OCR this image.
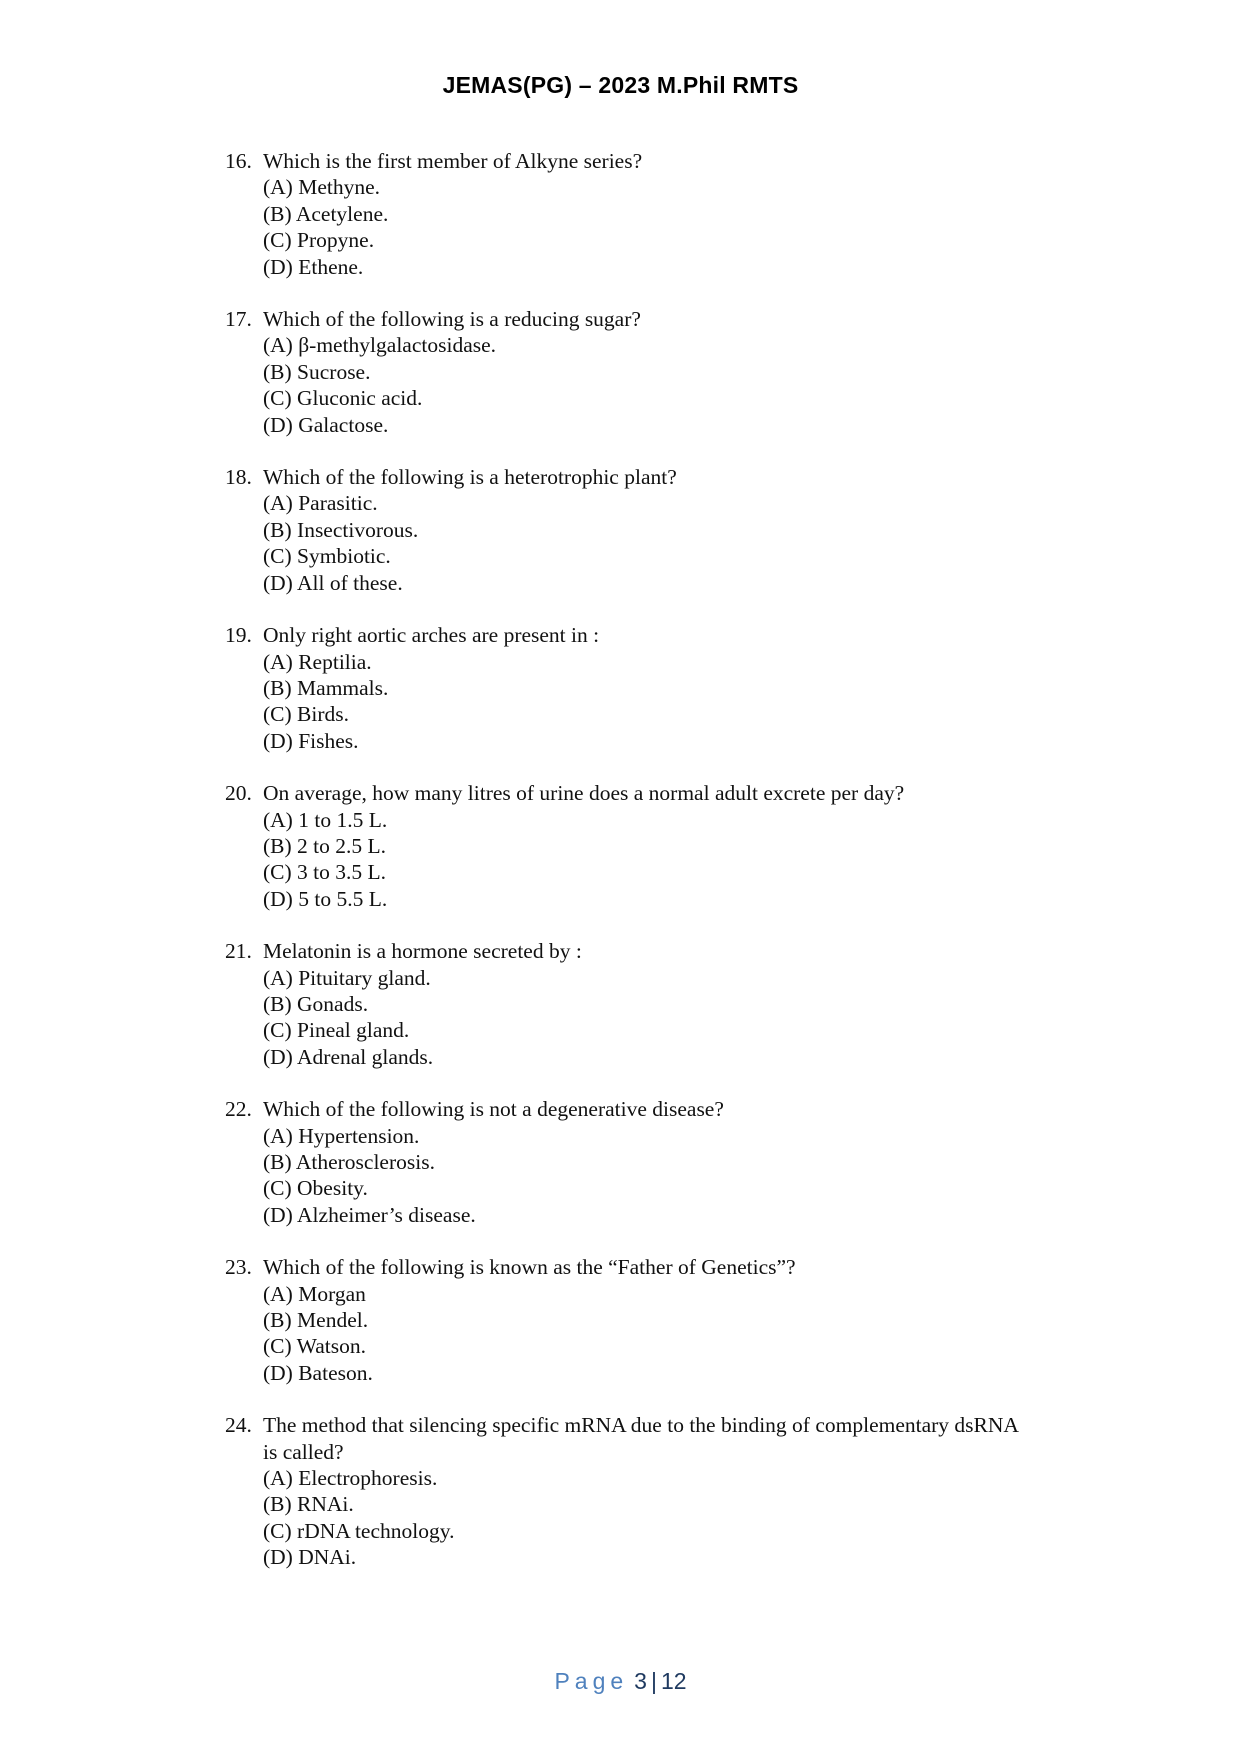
JEMAS(PG) – 2023 M.Phil RMTS
16. Which is the first member of Alkyne series?
(A) Methyne.
(B) Acetylene.
(C) Propyne.
(D) Ethene.
17. Which of the following is a reducing sugar?
(A) β-methylgalactosidase.
(B) Sucrose.
(C) Gluconic acid.
(D) Galactose.
18. Which of the following is a heterotrophic plant?
(A) Parasitic.
(B) Insectivorous.
(C) Symbiotic.
(D) All of these.
19. Only right aortic arches are present in :
(A) Reptilia.
(B) Mammals.
(C) Birds.
(D) Fishes.
20. On average, how many litres of urine does a normal adult excrete per day?
(A) 1 to 1.5 L.
(B) 2 to 2.5 L.
(C) 3 to 3.5 L.
(D) 5 to 5.5 L.
21. Melatonin is a hormone secreted by :
(A) Pituitary gland.
(B) Gonads.
(C) Pineal gland.
(D) Adrenal glands.
22. Which of the following is not a degenerative disease?
(A) Hypertension.
(B) Atherosclerosis.
(C) Obesity.
(D) Alzheimer’s disease.
23. Which of the following is known as the “Father of Genetics”?
(A) Morgan
(B) Mendel.
(C) Watson.
(D) Bateson.
24. The method that silencing specific mRNA due to the binding of complementary dsRNA is called?
(A) Electrophoresis.
(B) RNAi.
(C) rDNA technology.
(D) DNAi.
Page 3 | 12
